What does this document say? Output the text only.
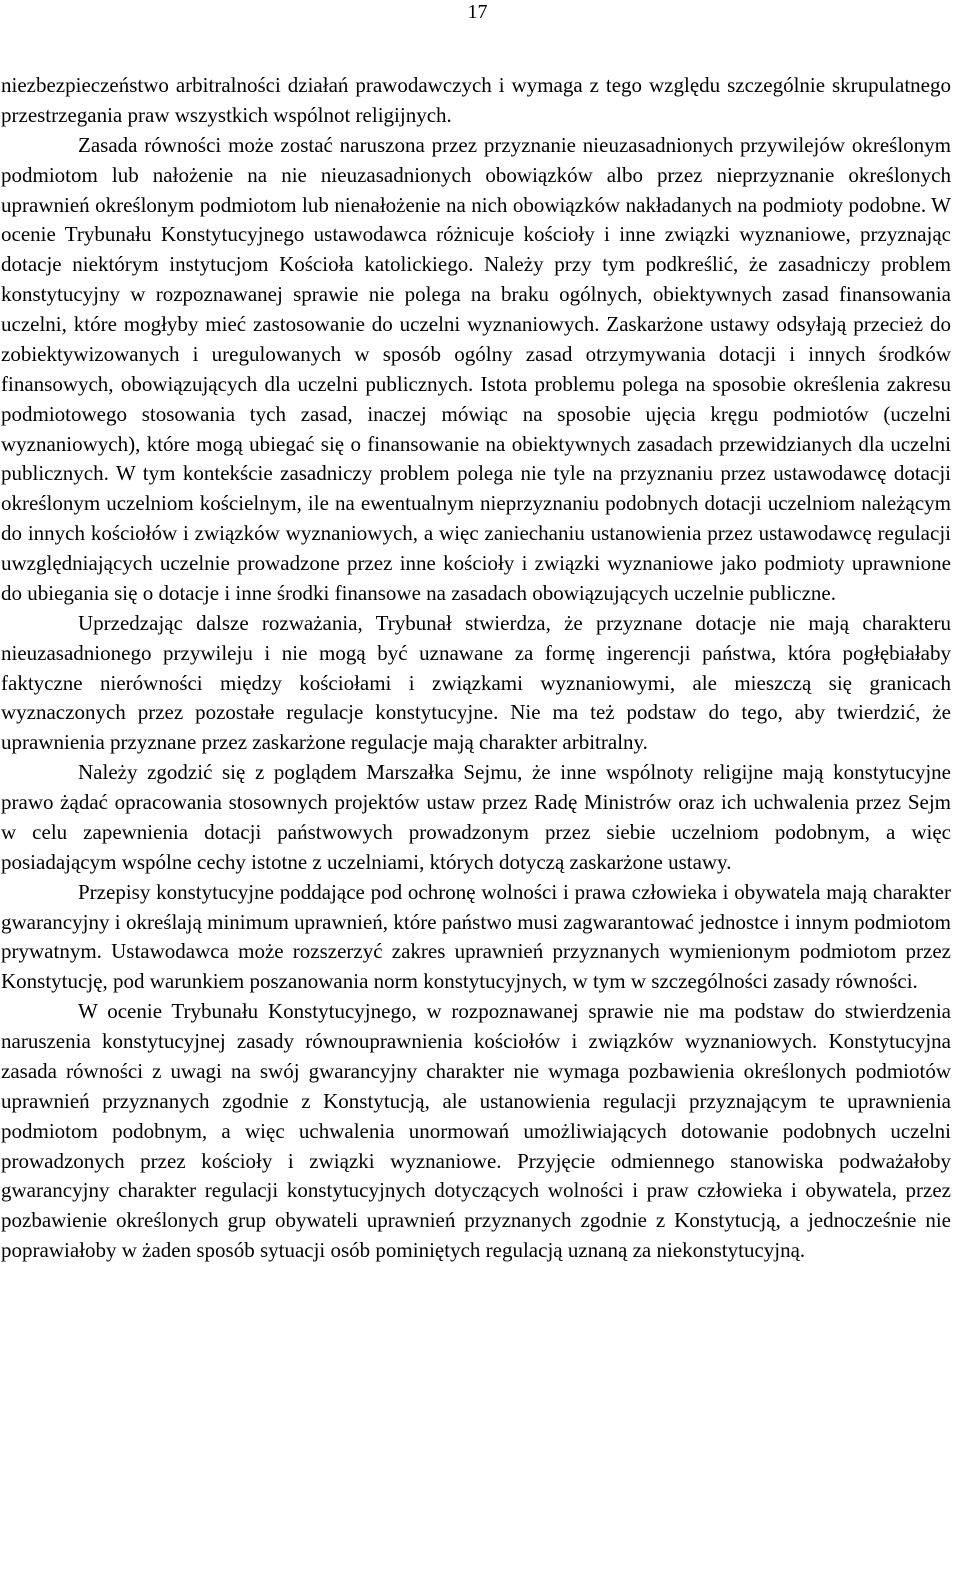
17

niezbezpieczeństwo arbitralności działań prawodawczych i wymaga z tego względu szczególnie skrupulatnego przestrzegania praw wszystkich wspólnot religijnych.

Zasada równości może zostać naruszona przez przyznanie nieuzasadnionych przywilejów określonym podmiotom lub nałożenie na nie nieuzasadnionych obowiązków albo przez nieprzyznanie określonych uprawnień określonym podmiotom lub nienałożenie na nich obowiązków nakładanych na podmioty podobne. W ocenie Trybunału Konstytucyjnego ustawodawca różnicuje kościoły i inne związki wyznaniowe, przyznając dotacje niektórym instytucjom Kościoła katolickiego. Należy przy tym podkreślić, że zasadniczy problem konstytucyjny w rozpoznawanej sprawie nie polega na braku ogólnych, obiektywnych zasad finansowania uczelni, które mogłyby mieć zastosowanie do uczelni wyznaniowych. Zaskarżone ustawy odsyłają przecież do zobiektywizowanych i uregulowanych w sposób ogólny zasad otrzymywania dotacji i innych środków finansowych, obowiązujących dla uczelni publicznych. Istota problemu polega na sposobie określenia zakresu podmiotowego stosowania tych zasad, inaczej mówiąc na sposobie ujęcia kręgu podmiotów (uczelni wyznaniowych), które mogą ubiegać się o finansowanie na obiektywnych zasadach przewidzianych dla uczelni publicznych. W tym kontekście zasadniczy problem polega nie tyle na przyznaniu przez ustawodawcę dotacji określonym uczelniom kościelnym, ile na ewentualnym nieprzyznaniu podobnych dotacji uczelniom należącym do innych kościołów i związków wyznaniowych, a więc zaniechaniu ustanowienia przez ustawodawcę regulacji uwzględniających uczelnie prowadzone przez inne kościoły i związki wyznaniowe jako podmioty uprawnione do ubiegania się o dotacje i inne środki finansowe na zasadach obowiązujących uczelnie publiczne.

Uprzedzając dalsze rozważania, Trybunał stwierdza, że przyznane dotacje nie mają charakteru nieuzasadnionego przywileju i nie mogą być uznawane za formę ingerencji państwa, która pogłębiałaby faktyczne nierówności między kościołami i związkami wyznaniowymi, ale mieszczą się granicach wyznaczonych przez pozostałe regulacje konstytucyjne. Nie ma też podstaw do tego, aby twierdzić, że uprawnienia przyznane przez zaskarżone regulacje mają charakter arbitralny.

Należy zgodzić się z poglądem Marszałka Sejmu, że inne wspólnoty religijne mają konstytucyjne prawo żądać opracowania stosownych projektów ustaw przez Radę Ministrów oraz ich uchwalenia przez Sejm w celu zapewnienia dotacji państwowych prowadzonym przez siebie uczelniom podobnym, a więc posiadającym wspólne cechy istotne z uczelniami, których dotyczą zaskarżone ustawy.

Przepisy konstytucyjne poddające pod ochronę wolności i prawa człowieka i obywatela mają charakter gwarancyjny i określają minimum uprawnień, które państwo musi zagwarantować jednostce i innym podmiotom prywatnym. Ustawodawca może rozszerzyć zakres uprawnień przyznanych wymienionym podmiotom przez Konstytucję, pod warunkiem poszanowania norm konstytucyjnych, w tym w szczególności zasady równości.

W ocenie Trybunału Konstytucyjnego, w rozpoznawanej sprawie nie ma podstaw do stwierdzenia naruszenia konstytucyjnej zasady równouprawnienia kościołów i związków wyznaniowych. Konstytucyjna zasada równości z uwagi na swój gwarancyjny charakter nie wymaga pozbawienia określonych podmiotów uprawnień przyznanych zgodnie z Konstytucją, ale ustanowienia regulacji przyznającym te uprawnienia podmiotom podobnym, a więc uchwalenia unormowań umożliwiających dotowanie podobnych uczelni prowadzonych przez kościoły i związki wyznaniowe. Przyjęcie odmiennego stanowiska podważałoby gwarancyjny charakter regulacji konstytucyjnych dotyczących wolności i praw człowieka i obywatela, przez pozbawienie określonych grup obywateli uprawnień przyznanych zgodnie z Konstytucją, a jednocześnie nie poprawiałoby w żaden sposób sytuacji osób pominiętych regulacją uznaną za niekonstytucyjną.
